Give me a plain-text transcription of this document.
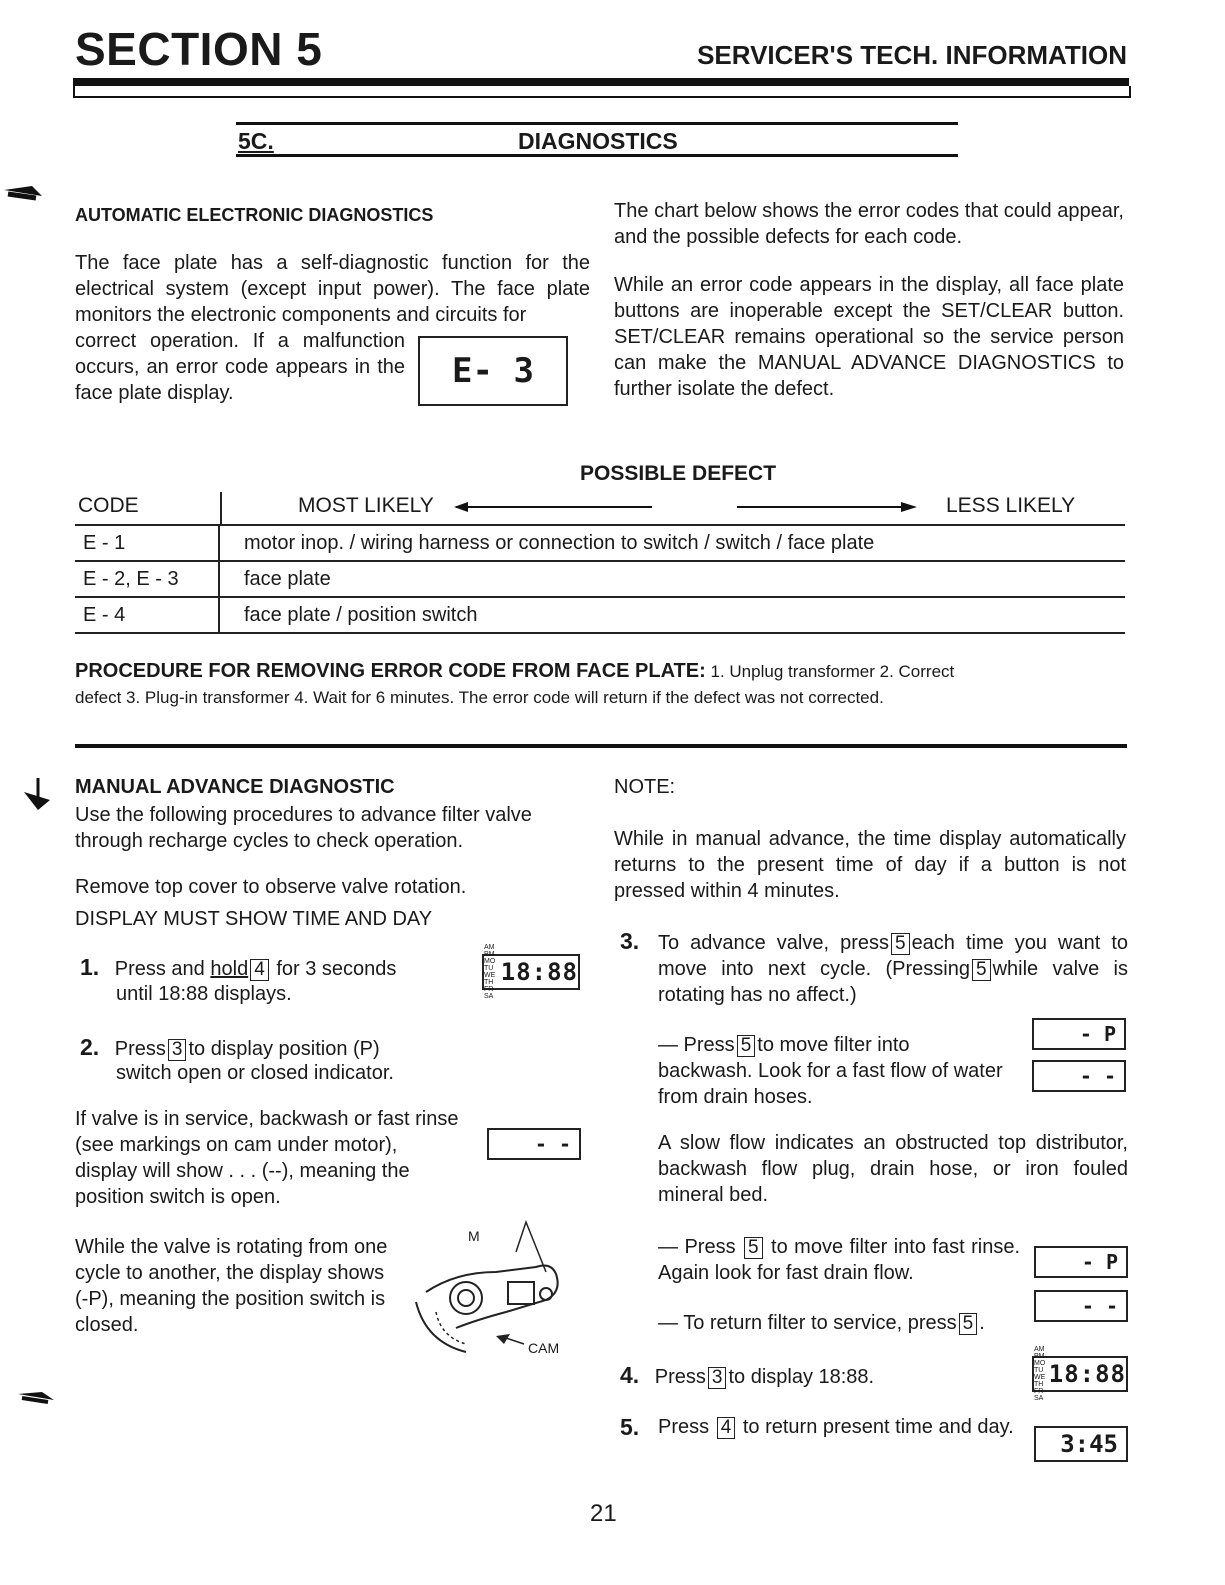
SECTION 5	SERVICER'S TECH. INFORMATION
5C.	DIAGNOSTICS
AUTOMATIC ELECTRONIC DIAGNOSTICS
The face plate has a self-diagnostic function for the electrical system (except input power). The face plate monitors the electronic components and circuits for
correct operation. If a malfunction occurs, an error code appears in the face plate display.
E- 3
The chart below shows the error codes that could appear, and the possible defects for each code.
While an error code appears in the display, all face plate buttons are inoperable except the SET/CLEAR button. SET/CLEAR remains operational so the service person can make the MANUAL ADVANCE DIAGNOSTICS to further isolate the defect.
POSSIBLE DEFECT
CODE	MOST LIKELY	LESS LIKELY
E - 1	motor inop. / wiring harness or connection to switch / switch / face plate
E - 2, E - 3	face plate
E - 4	face plate / position switch
PROCEDURE FOR REMOVING ERROR CODE FROM FACE PLATE: 1. Unplug transformer 2. Correct
defect 3. Plug-in transformer 4. Wait for 6 minutes. The error code will return if the defect was not corrected.
MANUAL ADVANCE DIAGNOSTIC
Use the following procedures to advance filter valve through recharge cycles to check operation.
Remove top cover to observe valve rotation.
DISPLAY MUST SHOW TIME AND DAY
1. Press and hold 4 for 3 seconds
until 18:88 displays.
AM PM MO TU WE TH FR SA
18:88
2. Press 3 to display position (P)
switch open or closed indicator.
If valve is in service, backwash or fast rinse (see markings on cam under motor), display will show . . . (--), meaning the position switch is open.
- -
While the valve is rotating from one cycle to another, the display shows (-P), meaning the position switch is closed.
M
CAM
NOTE:
While in manual advance, the time display automatically returns to the present time of day if a button is not pressed within 4 minutes.
3. To advance valve, press 5 each time you want to move into next cycle. (Pressing 5 while valve is rotating has no affect.)
— Press 5 to move filter into backwash. Look for a fast flow of water from drain hoses.
- P
- -
A slow flow indicates an obstructed top distributor, backwash flow plug, drain hose, or iron fouled mineral bed.
— Press 5 to move filter into fast rinse. Again look for fast drain flow.	- P
— To return filter to service, press 5 .
- -
4. Press 3 to display 18:88.
AM PM MO TU WE TH FR SA
18:88
5. Press 4 to return present time and day.
3:45
21
